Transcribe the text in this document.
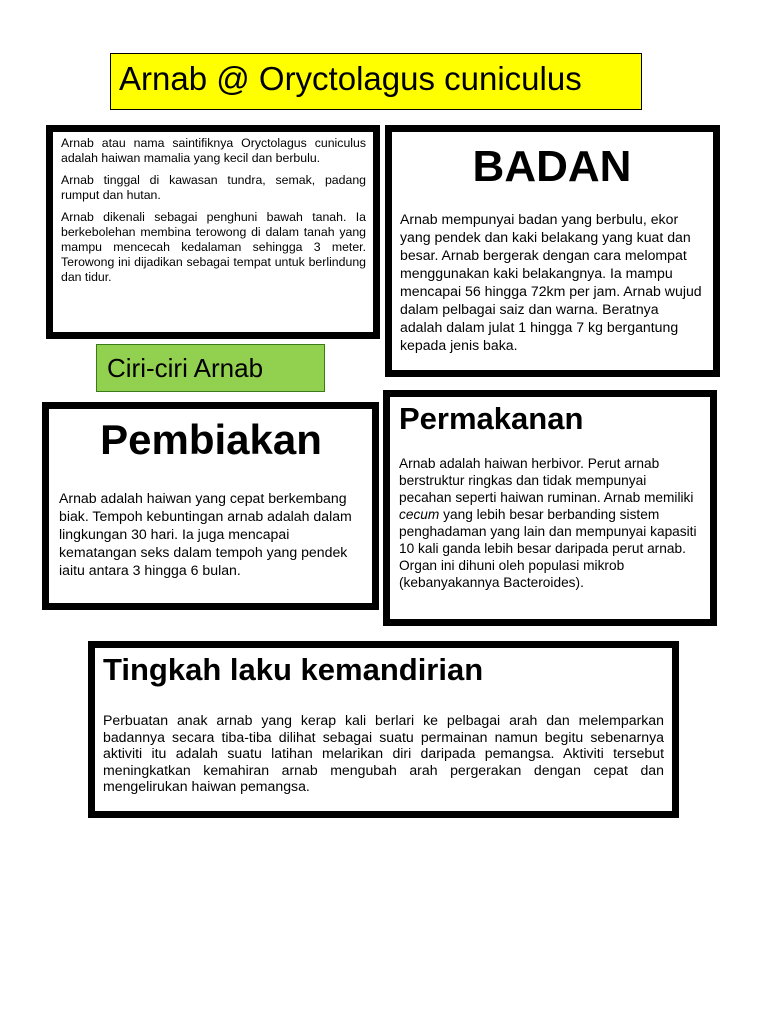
Arnab @ Oryctolagus cuniculus

Arnab atau nama saintifiknya Oryctolagus cuniculus adalah haiwan mamalia yang kecil dan berbulu.

Arnab tinggal di kawasan tundra, semak, padang rumput dan hutan.

Arnab dikenali sebagai penghuni bawah tanah. Ia berkebolehan membina terowong di dalam tanah yang mampu mencecah kedalaman sehingga 3 meter. Terowong ini dijadikan sebagai tempat untuk berlindung dan tidur.

BADAN

Arnab mempunyai badan yang berbulu, ekor yang pendek dan kaki belakang yang kuat dan besar. Arnab bergerak dengan cara melompat menggunakan kaki belakangnya. Ia mampu mencapai 56 hingga 72km per jam. Arnab wujud dalam pelbagai saiz dan warna. Beratnya adalah dalam julat 1 hingga 7 kg bergantung kepada jenis baka.

Ciri-ciri Arnab
Pembiakan

Arnab adalah haiwan yang cepat berkembang biak. Tempoh kebuntingan arnab adalah dalam lingkungan 30 hari. Ia juga mencapai kematangan seks dalam tempoh yang pendek iaitu antara 3 hingga 6 bulan.

Permakanan

Arnab adalah haiwan herbivor. Perut arnab berstruktur ringkas dan tidak mempunyai pecahan seperti haiwan ruminan. Arnab memiliki cecum yang lebih besar berbanding sistem penghadaman yang lain dan mempunyai kapasiti 10 kali ganda lebih besar daripada perut arnab. Organ ini dihuni oleh populasi mikrob (kebanyakannya Bacteroides).

Tingkah laku kemandirian

Perbuatan anak arnab yang kerap kali berlari ke pelbagai arah dan melemparkan badannya secara tiba-tiba dilihat sebagai suatu permainan namun begitu sebenarnya aktiviti itu adalah suatu latihan melarikan diri daripada pemangsa. Aktiviti tersebut meningkatkan kemahiran arnab mengubah arah pergerakan dengan cepat dan mengelirukan haiwan pemangsa.
